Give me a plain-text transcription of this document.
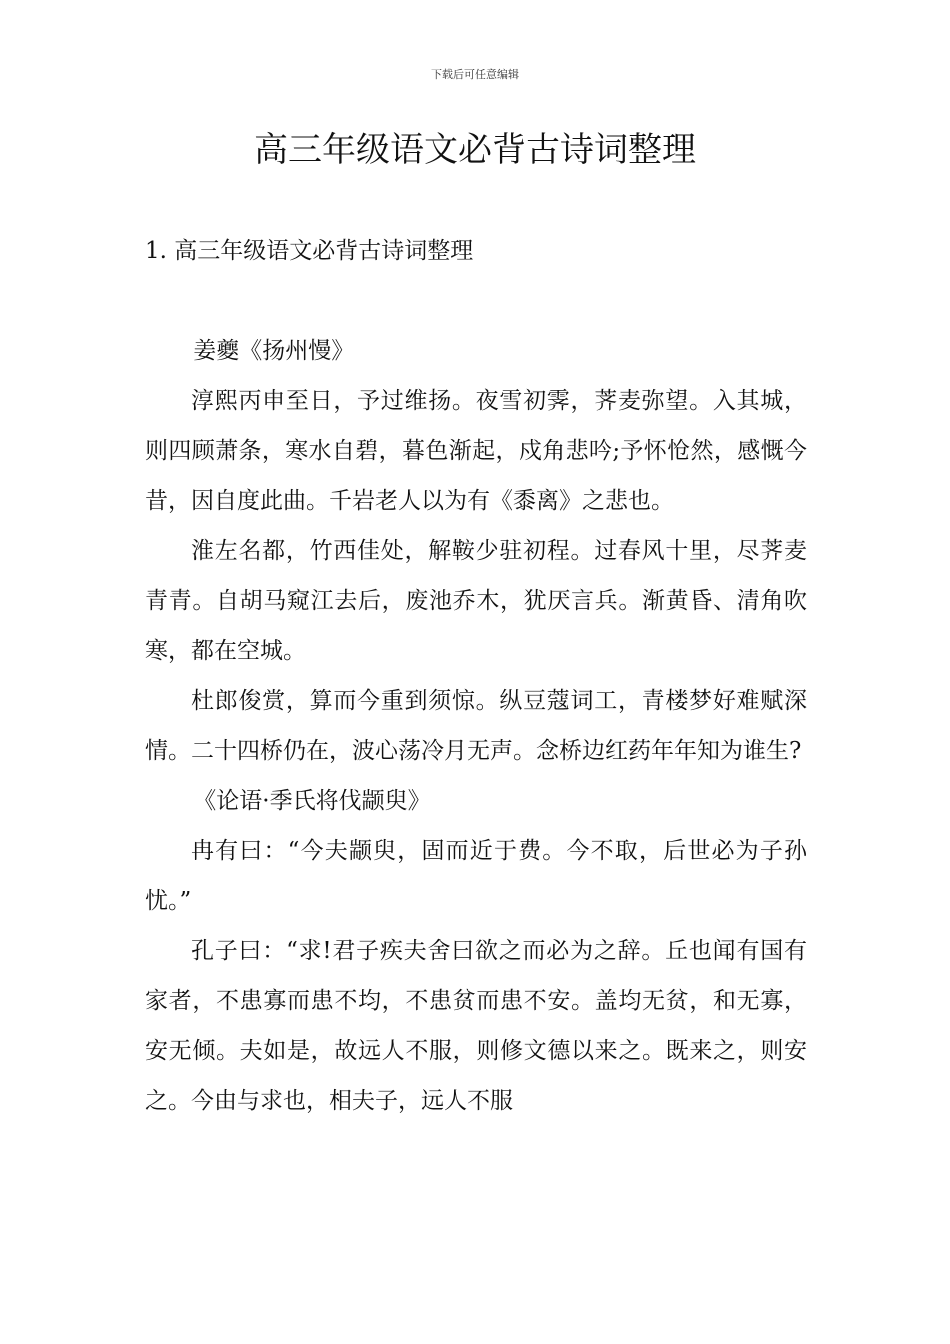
下载后可任意编辑
高三年级语文必背古诗词整理

1. 高三年级语文必背古诗词整理

姜夔《扬州慢》

淳熙丙申至日，予过维扬。夜雪初霁，荠麦弥望。入其城，则四顾萧条，寒水自碧，暮色渐起，戍角悲吟;予怀怆然，感慨今昔，因自度此曲。千岩老人以为有《黍离》之悲也。

淮左名都，竹西佳处，解鞍少驻初程。过春风十里，尽荠麦青青。自胡马窥江去后，废池乔木，犹厌言兵。渐黄昏、清角吹寒，都在空城。

杜郎俊赏，算而今重到须惊。纵豆蔻词工，青楼梦好难赋深情。二十四桥仍在，波心荡冷月无声。念桥边红药年年知为谁生?

《论语·季氏将伐颛臾》

冉有曰：“今夫颛臾，固而近于费。今不取，后世必为子孙忧。”

孔子曰：“求!君子疾夫舍曰欲之而必为之辞。丘也闻有国有家者，不患寡而患不均，不患贫而患不安。盖均无贫，和无寡，安无倾。夫如是，故远人不服，则修文德以来之。既来之，则安之。今由与求也，相夫子，远人不服
